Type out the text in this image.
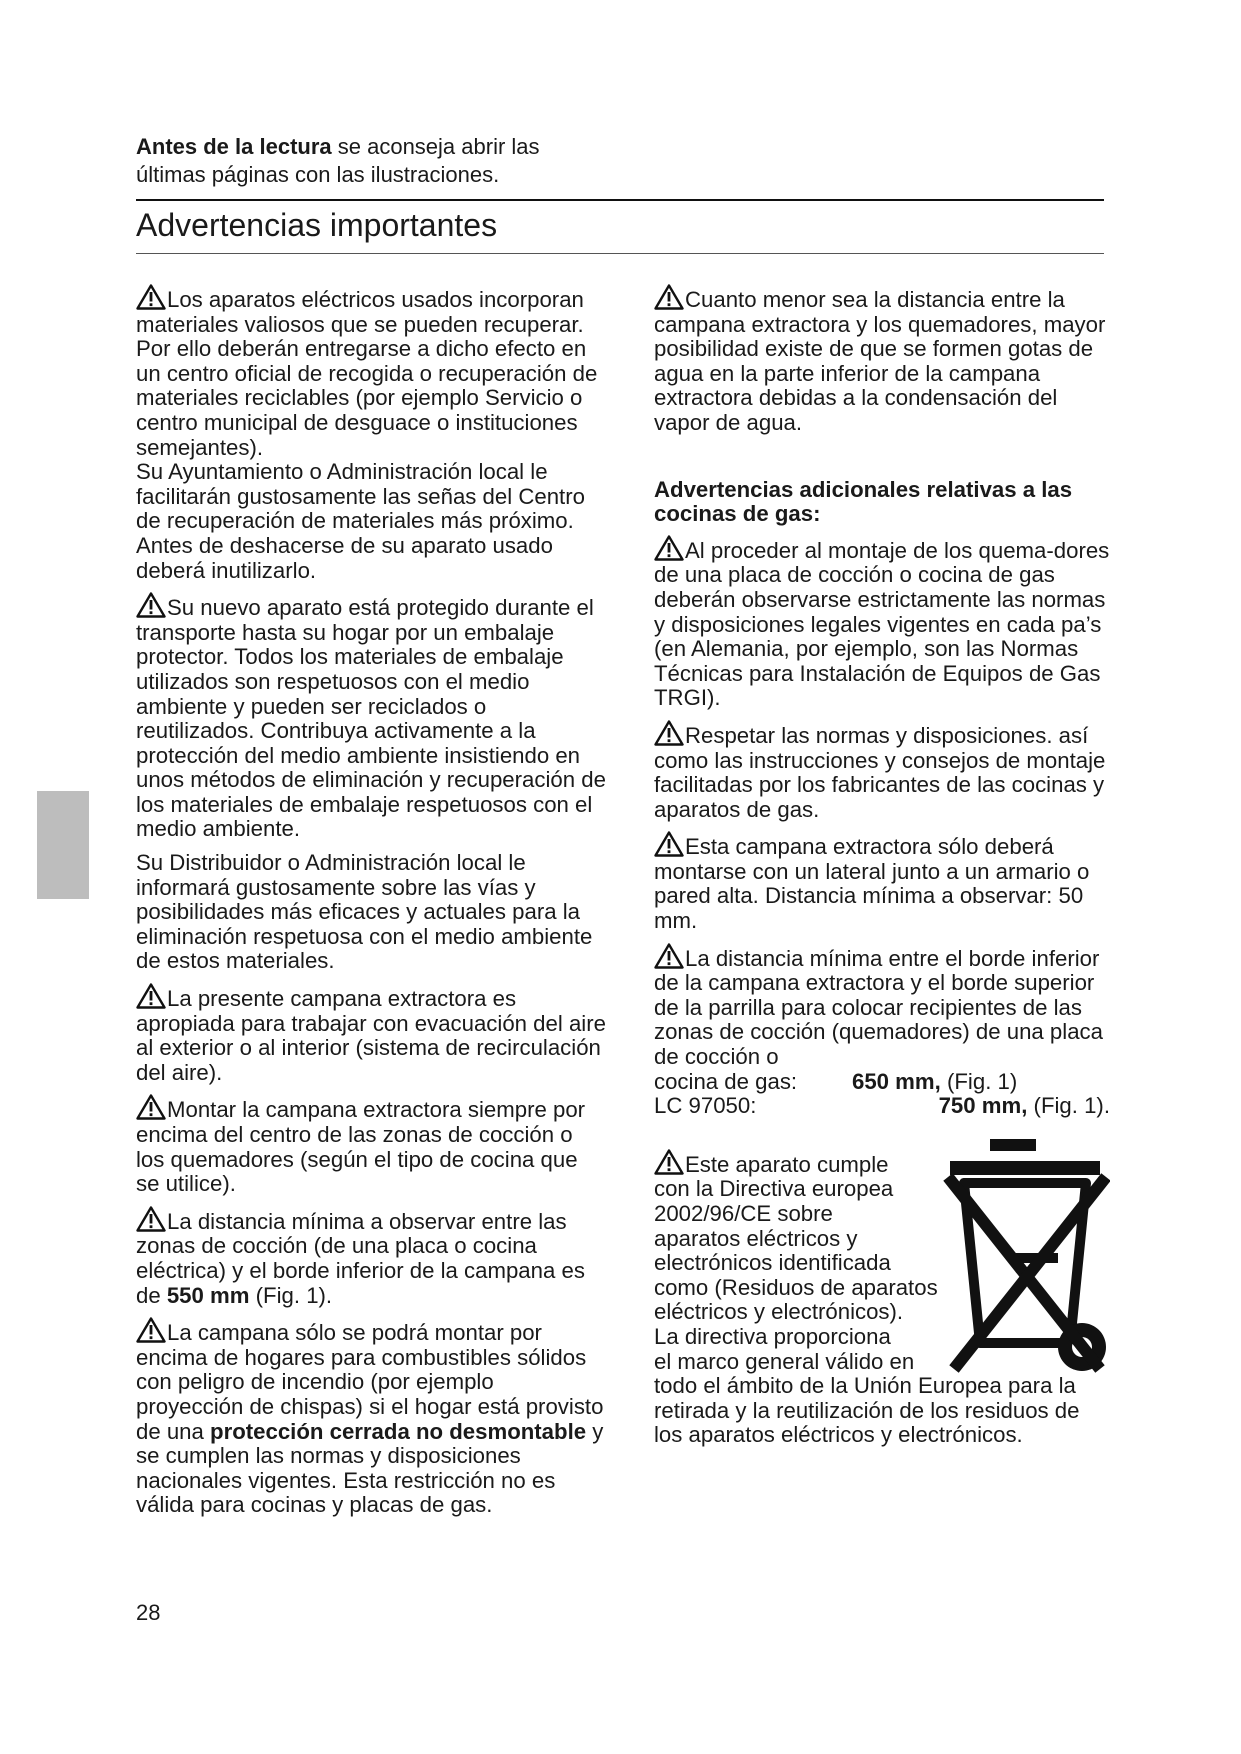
Antes de la lectura se aconseja abrir las
últimas páginas con las ilustraciones.
Advertencias importantes

Los aparatos eléctricos usados incorporan materiales valiosos que se pueden recuperar. Por ello deberán entregarse a dicho efecto en un centro oficial de recogida o recuperación de materiales reciclables (por ejemplo Servicio o centro municipal de desguace o instituciones semejantes).

Su Ayuntamiento o Administración local le facilitarán gustosamente las señas del Centro de recuperación de materiales más próximo.

Antes de deshacerse de su aparato usado deberá inutilizarlo.

Su nuevo aparato está protegido durante el transporte hasta su hogar por un embalaje protector. Todos los materiales de embalaje utilizados son respetuosos con el medio ambiente y pueden ser reciclados o reutilizados. Contribuya activamente a la protección del medio ambiente insistiendo en unos métodos de eliminación y recuperación de los materiales de embalaje respetuosos con el medio ambiente.

Su Distribuidor o Administración local le informará gustosamente sobre las vías y posibilidades más eficaces y actuales para la eliminación respetuosa con el medio ambiente de estos materiales.

La presente campana extractora es apropiada para trabajar con evacuación del aire al exterior o al interior (sistema de recirculación del aire).

Montar la campana extractora siempre por encima del centro de las zonas de cocción o los quemadores (según el tipo de cocina que se utilice).

La distancia mínima a observar entre las zonas de cocción (de una placa o cocina eléctrica) y el borde inferior de la campana es de 550 mm (Fig. 1).

La campana sólo se podrá montar por encima de hogares para combustibles sólidos con peligro de incendio (por ejemplo proyección de chispas) si el hogar está provisto de una protección cerrada no desmontable y se cumplen las normas y disposiciones nacionales vigentes. Esta restricción no es válida para cocinas y placas de gas.

Cuanto menor sea la distancia entre la campana extractora y los quemadores, mayor posibilidad existe de que se formen gotas de agua en la parte inferior de la campana extractora debidas a la condensación del vapor de agua.

Advertencias adicionales relativas a las cocinas de gas:

Al proceder al montaje de los quema-dores de una placa de cocción o cocina de gas deberán observarse estrictamente las normas y disposiciones legales vigentes en cada pa’s (en Alemania, por ejemplo, son las Normas Técnicas para Instalación de Equipos de Gas TRGI).

Respetar las normas y disposiciones. así como las instrucciones y consejos de montaje facilitadas por los fabricantes de las cocinas y aparatos de gas.

Esta campana extractora sólo deberá montarse con un lateral junto a un armario o pared alta. Distancia mínima a observar: 50 mm.

La distancia mínima entre el borde inferior de la campana extractora y el borde superior de la parrilla para colocar recipientes de las zonas de cocción (quemadores) de una placa de cocción o
cocina de gas:	650 mm, (Fig. 1)
LC 97050:	750 mm, (Fig. 1).

Este aparato cumple
con la Directiva europea
2002/96/CE sobre
aparatos eléctricos y
electrónicos identificada
como (Residuos de aparatos
eléctricos y electrónicos).
La directiva proporciona
el marco general válido en
todo el ámbito de la Unión Europea para la retirada y la reutilización de los residuos de los aparatos eléctricos y electrónicos.
28
